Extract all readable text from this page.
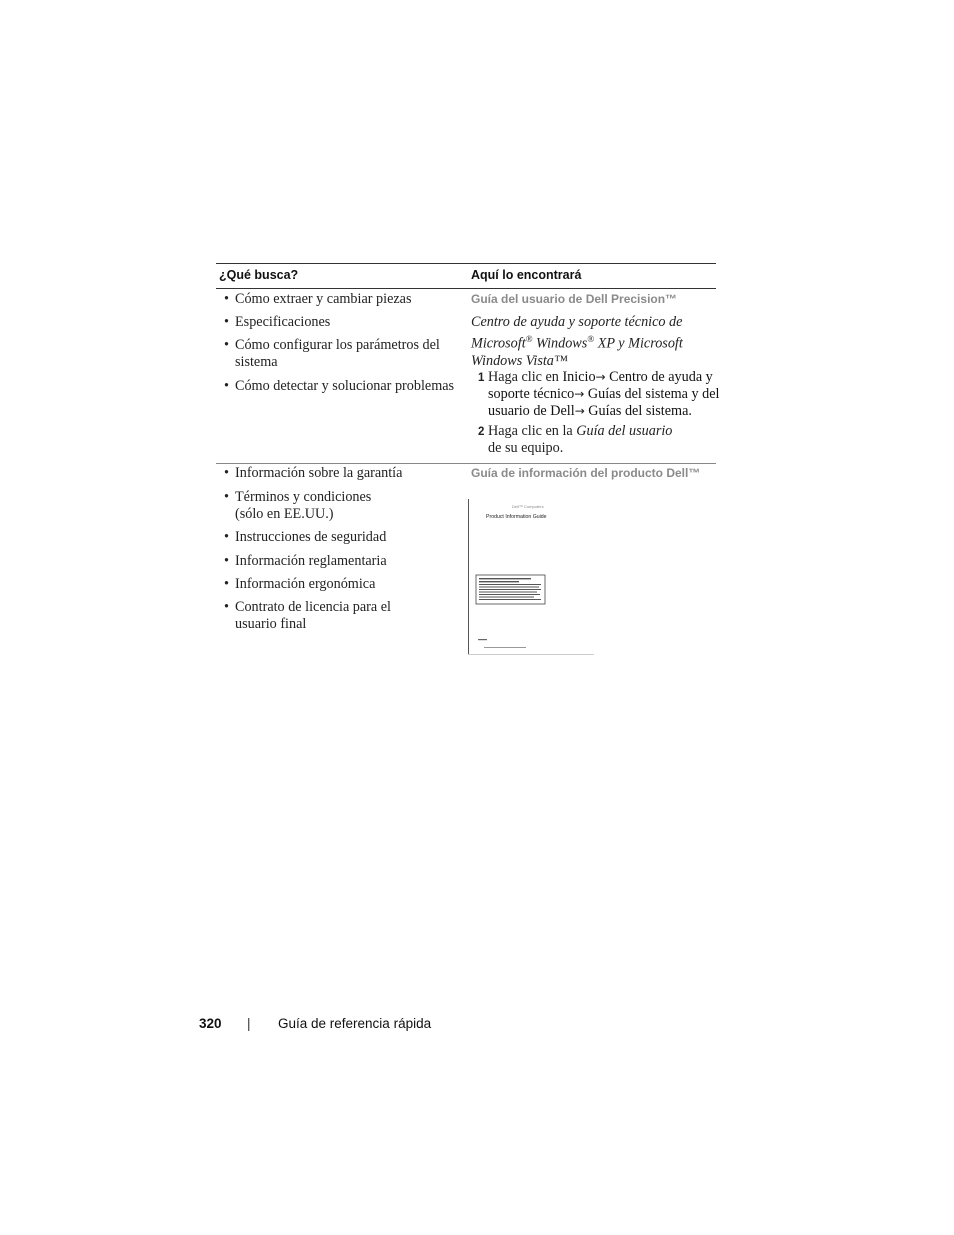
¿Qué busca?	Aquí lo encontrará
• Cómo extraer y cambiar piezas
• Especificaciones
• Cómo configurar los parámetros del sistema
• Cómo detectar y solucionar problemas
Guía del usuario de Dell Precision™
Centro de ayuda y soporte técnico de
Microsoft® Windows® XP y Microsoft
Windows Vista™
1 Haga clic en Inicio→ Centro de ayuda y soporte técnico→ Guías del sistema y del usuario de Dell→ Guías del sistema.
2 Haga clic en la Guía del usuario de su equipo.
• Información sobre la garantía
• Términos y condiciones (sólo en EE.UU.)
• Instrucciones de seguridad
• Información reglamentaria
• Información ergonómica
• Contrato de licencia para el usuario final
Guía de información del producto Dell™
Dell™ Computers
Product Information Guide
320 | Guía de referencia rápida
